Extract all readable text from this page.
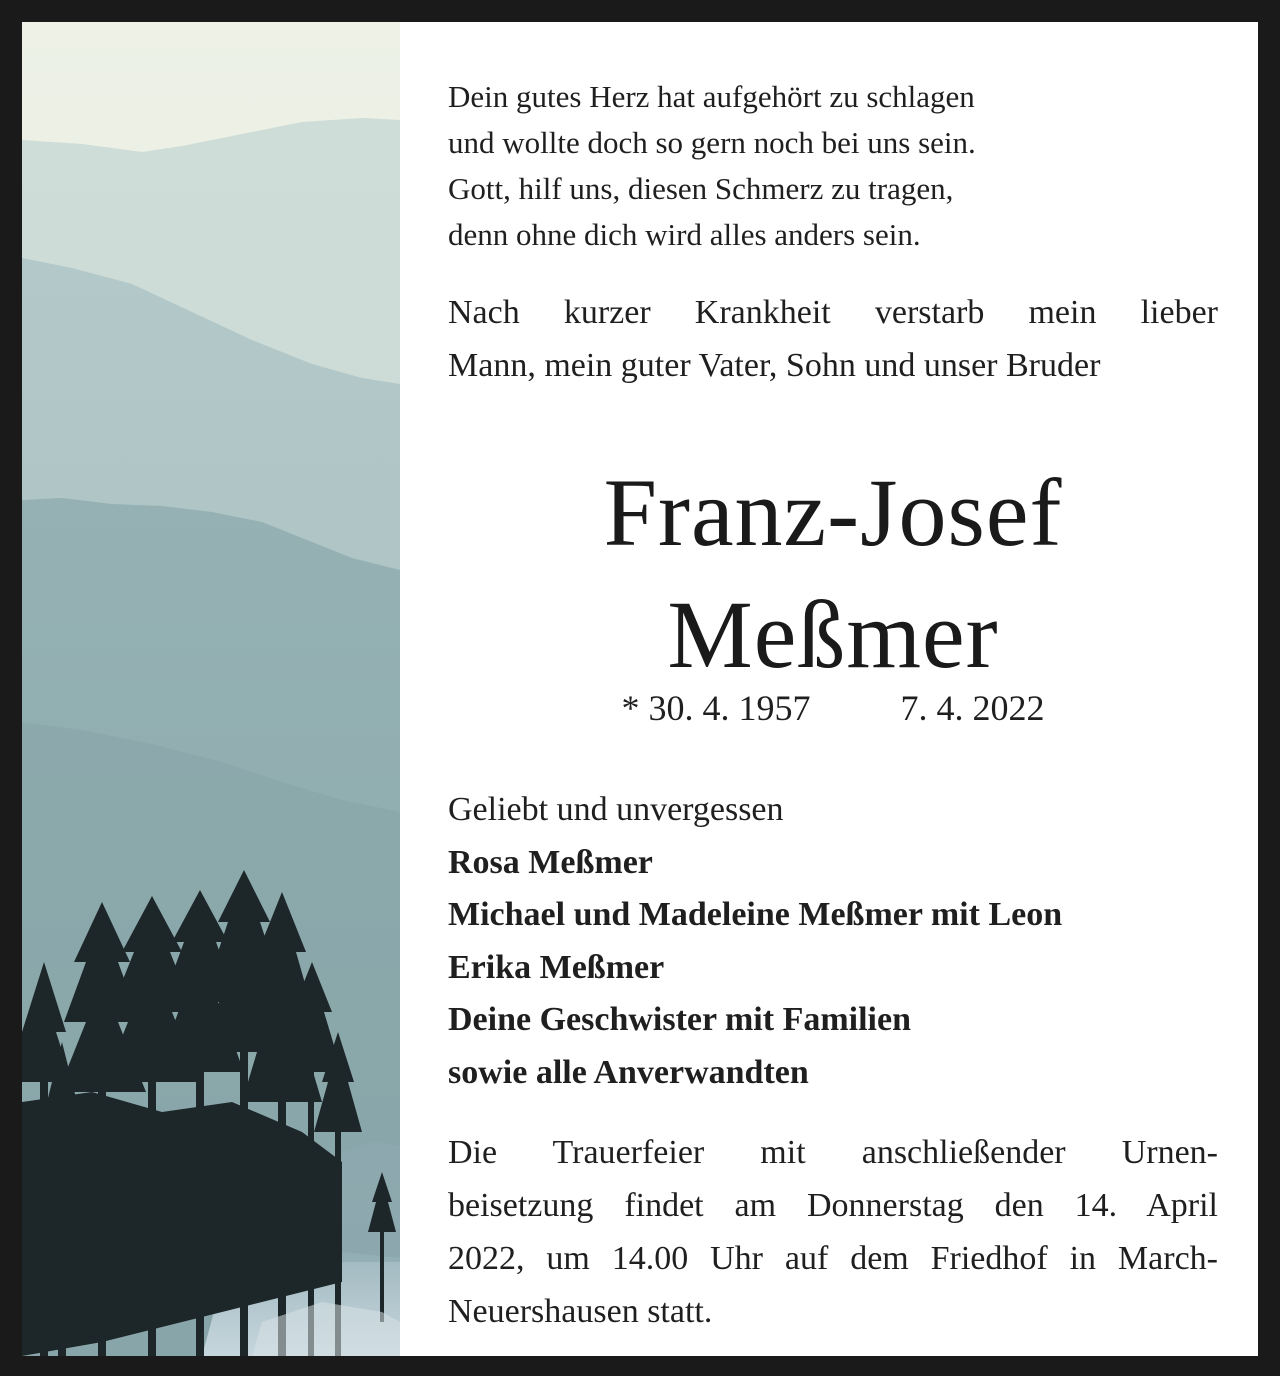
Dein gutes Herz hat aufgehört zu schlagen
und wollte doch so gern noch bei uns sein.
Gott, hilf uns, diesen Schmerz zu tragen,
denn ohne dich wird alles anders sein.
Nach kurzer Krankheit verstarb mein lieber
Mann, mein guter Vater, Sohn und unser Bruder
Franz-Josef
Meßmer
* 30. 4. 1957	7. 4. 2022
Geliebt und unvergessen
Rosa Meßmer
Michael und Madeleine Meßmer mit Leon
Erika Meßmer
Deine Geschwister mit Familien
sowie alle Anverwandten
Die Trauerfeier mit anschließender Urnen-
beisetzung findet am Donnerstag den 14. April
2022, um 14.00 Uhr auf dem Friedhof in March-
Neuershausen statt.
